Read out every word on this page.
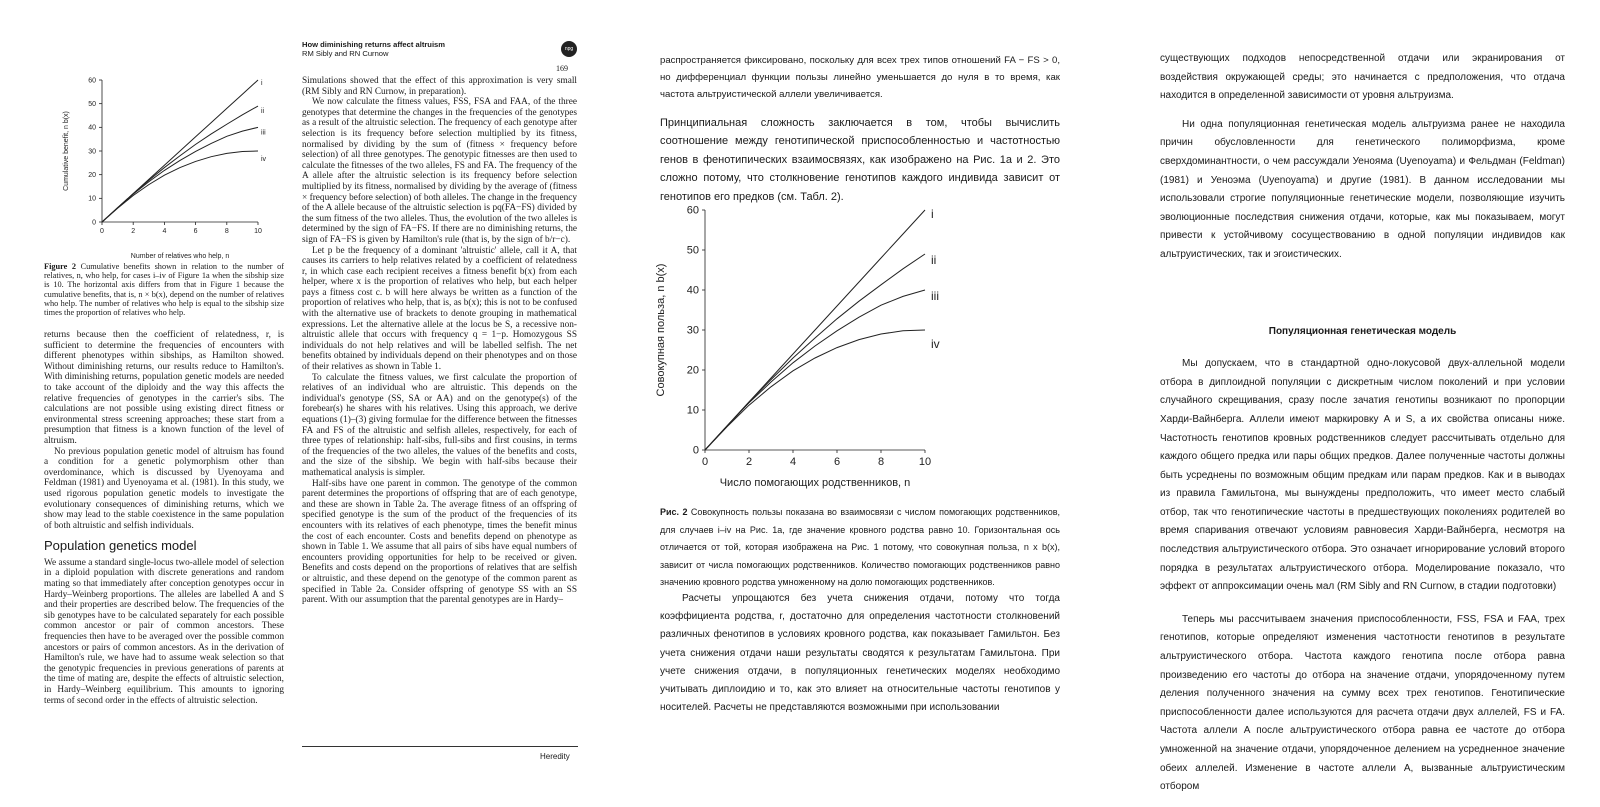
0	2	4	6	8	10
0
10
20
30
40
50
60
Number of relatives who help, n
Cumulative benefit, n b(x)
i
ii
iii
iv
Figure 2 Cumulative benefits shown in relation to the number of relatives, n, who help, for cases i–iv of Figure 1a when the sibship size is 10. The horizontal axis differs from that in Figure 1 because the cumulative benefits, that is, n × b(x), depend on the number of relatives who help. The number of relatives who help is equal to the sibship size times the proportion of relatives who help.

returns because then the coefficient of relatedness, r, is sufficient to determine the frequencies of encounters with different phenotypes within sibships, as Hamilton showed. Without diminishing returns, our results reduce to Hamilton's. With diminishing returns, population genetic models are needed to take account of the diploidy and the way this affects the relative frequencies of genotypes in the carrier's sibs. The calculations are not possible using existing direct fitness or environmental stress screening approaches; these start from a presumption that fitness is a known function of the level of altruism.

No previous population genetic model of altruism has found a condition for a genetic polymorphism other than overdominance, which is discussed by Uyenoyama and Feldman (1981) and Uyenoyama et al. (1981). In this study, we used rigorous population genetic models to investigate the evolutionary consequences of diminishing returns, which we show may lead to the stable coexistence in the same population of both altruistic and selfish individuals.

Population genetics model

We assume a standard single-locus two-allele model of selection in a diploid population with discrete generations and random mating so that immediately after conception genotypes occur in Hardy–Weinberg proportions. The alleles are labelled A and S and their properties are described below. The frequencies of the sib genotypes have to be calculated separately for each possible common ancestor or pair of common ancestors. These frequencies then have to be averaged over the possible common ancestors or pairs of common ancestors. As in the derivation of Hamilton's rule, we have had to assume weak selection so that the genotypic frequencies in previous generations of parents at the time of mating are, despite the effects of altruistic selection, in Hardy–Weinberg equilibrium. This amounts to ignoring terms of second order in the effects of altruistic selection.

How diminishing returns affect altruism
RM Sibly and RN Curnow	npg
169

Simulations showed that the effect of this approximation is very small (RM Sibly and RN Curnow, in preparation).

We now calculate the fitness values, FSS, FSA and FAA, of the three genotypes that determine the changes in the frequencies of the genotypes as a result of the altruistic selection. The frequency of each genotype after selection is its frequency before selection multiplied by its fitness, normalised by dividing by the sum of (fitness × frequency before selection) of all three genotypes. The genotypic fitnesses are then used to calculate the fitnesses of the two alleles, FS and FA. The frequency of the A allele after the altruistic selection is its frequency before selection multiplied by its fitness, normalised by dividing by the average of (fitness × frequency before selection) of both alleles. The change in the frequency of the A allele because of the altruistic selection is pq(FA−FS) divided by the sum fitness of the two alleles. Thus, the evolution of the two alleles is determined by the sign of FA−FS. If there are no diminishing returns, the sign of FA−FS is given by Hamilton's rule (that is, by the sign of b/r−c).

Let p be the frequency of a dominant 'altruistic' allele, call it A, that causes its carriers to help relatives related by a coefficient of relatedness r, in which case each recipient receives a fitness benefit b(x) from each helper, where x is the proportion of relatives who help, but each helper pays a fitness cost c. b will here always be written as a function of the proportion of relatives who help, that is, as b(x); this is not to be confused with the alternative use of brackets to denote grouping in mathematical expressions. Let the alternative allele at the locus be S, a recessive non-altruistic allele that occurs with frequency q = 1−p. Homozygous SS individuals do not help relatives and will be labelled selfish. The net benefits obtained by individuals depend on their phenotypes and on those of their relatives as shown in Table 1.

To calculate the fitness values, we first calculate the proportion of relatives of an individual who are altruistic. This depends on the individual's genotype (SS, SA or AA) and on the genotype(s) of the forebear(s) he shares with his relatives. Using this approach, we derive equations (1)–(3) giving formulae for the difference between the fitnesses FA and FS of the altruistic and selfish alleles, respectively, for each of three types of relationship: half-sibs, full-sibs and first cousins, in terms of the frequencies of the two alleles, the values of the benefits and costs, and the size of the sibship. We begin with half-sibs because their mathematical analysis is simpler.

Half-sibs have one parent in common. The genotype of the common parent determines the proportions of offspring that are of each genotype, and these are shown in Table 2a. The average fitness of an offspring of specified genotype is the sum of the product of the frequencies of its encounters with its relatives of each phenotype, times the benefit minus the cost of each encounter. Costs and benefits depend on phenotype as shown in Table 1. We assume that all pairs of sibs have equal numbers of encounters providing opportunities for help to be received or given. Benefits and costs depend on the proportions of relatives that are selfish or altruistic, and these depend on the genotype of the common parent as specified in Table 2a. Consider offspring of genotype SS with an SS parent. With our assumption that the parental genotypes are in Hardy–

Heredity

распространяется фиксировано, поскольку для всех трех типов отношений FA − FS > 0, но дифференциал функции пользы линейно уменьшается до нуля в то время, как частота альтруистической аллели увеличивается.

Принципиальная сложность заключается в том, чтобы вычислить соотношение между генотипической приспособленностью и частотностью генов в фенотипических взаимосвязях, как изображено на Рис. 1a и 2. Это сложно потому, что столкновение генотипов каждого индивида зависит от генотипов его предков (см. Табл. 2).

0	2	4	6	8	10
0
10
20
30
40
50
60
Число помогающих родственников, n
Совокупная польза, n b(x)
i
ii
iii
iv
Рис. 2 Совокупность пользы показана во взаимосвязи с числом помогающих родственников, для случаев i–iv на Рис. 1a, где значение кровного родства равно 10. Горизонтальная ось отличается от той, которая изображена на Рис. 1 потому, что совокупная польза, n x b(x), зависит от числа помогающих родственников. Количество помогающих родственников равно значению кровного родства умноженному на долю помогающих родственников.

Расчеты упрощаются без учета снижения отдачи, потому что тогда коэффициента родства, r, достаточно для определения частотности столкновений различных фенотипов в условиях кровного родства, как показывает Гамильтон. Без учета снижения отдачи наши результаты сводятся к результатам Гамильтона. При учете снижения отдачи, в популяционных генетических моделях необходимо учитывать диплоидию и то, как это влияет на относительные частоты генотипов у носителей. Расчеты не представляются возможными при использовании

существующих подходов непосредственной отдачи или экранирования от воздействия окружающей среды; это начинается с предположения, что отдача находится в определенной зависимости от уровня альтруизма.

Ни одна популяционная генетическая модель альтруизма ранее не находила причин обусловленности для генетического полиморфизма, кроме сверхдоминантности, о чем рассуждали Уенояма (Uyenoyama) и Фельдман (Feldman) (1981) и Уеноэма (Uyenoyama) и другие (1981). В данном исследовании мы использовали строгие популяционные генетические модели, позволяющие изучить эволюционные последствия снижения отдачи, которые, как мы показываем, могут привести к устойчивому сосуществованию в одной популяции индивидов как альтруистических, так и эгоистических.

Популяционная генетическая модель

Мы допускаем, что в стандартной одно-локусовой двух-аллельной модели отбора в диплоидной популяции с дискретным числом поколений и при условии случайного скрещивания, сразу после зачатия генотипы возникают по пропорции Харди-Вайнберга. Аллели имеют маркировку A и S, а их свойства описаны ниже. Частотность генотипов кровных родственников следует рассчитывать отдельно для каждого общего предка или пары общих предков. Далее полученные частоты должны быть усреднены по возможным общим предкам или парам предков. Как и в выводах из правила Гамильтона, мы вынуждены предположить, что имеет место слабый отбор, так что генотипические частоты в предшествующих поколениях родителей во время спаривания отвечают условиям равновесия Харди-Вайнберга, несмотря на последствия альтруистического отбора. Это означает игнорирование условий второго порядка в результатах альтруистического отбора. Моделирование показало, что эффект от аппроксимации очень мал (RM Sibly and RN Curnow, в стадии подготовки)

Теперь мы рассчитываем значения приспособленности, FSS, FSA и FAA, трех генотипов, которые определяют изменения частотности генотипов в результате альтруистического отбора. Частота каждого генотипа после отбора равна произведению его частоты до отбора на значение отдачи, упорядоченному путем деления полученного значения на сумму всех трех генотипов. Генотипические приспособленности далее используются для расчета отдачи двух аллелей, FS и FA. Частота аллели A после альтруистического отбора равна ее частоте до отбора умноженной на значение отдачи, упорядоченное делением на усредненное значение обеих аллелей. Изменение в частоте аллели A, вызванные альтруистическим отбором
